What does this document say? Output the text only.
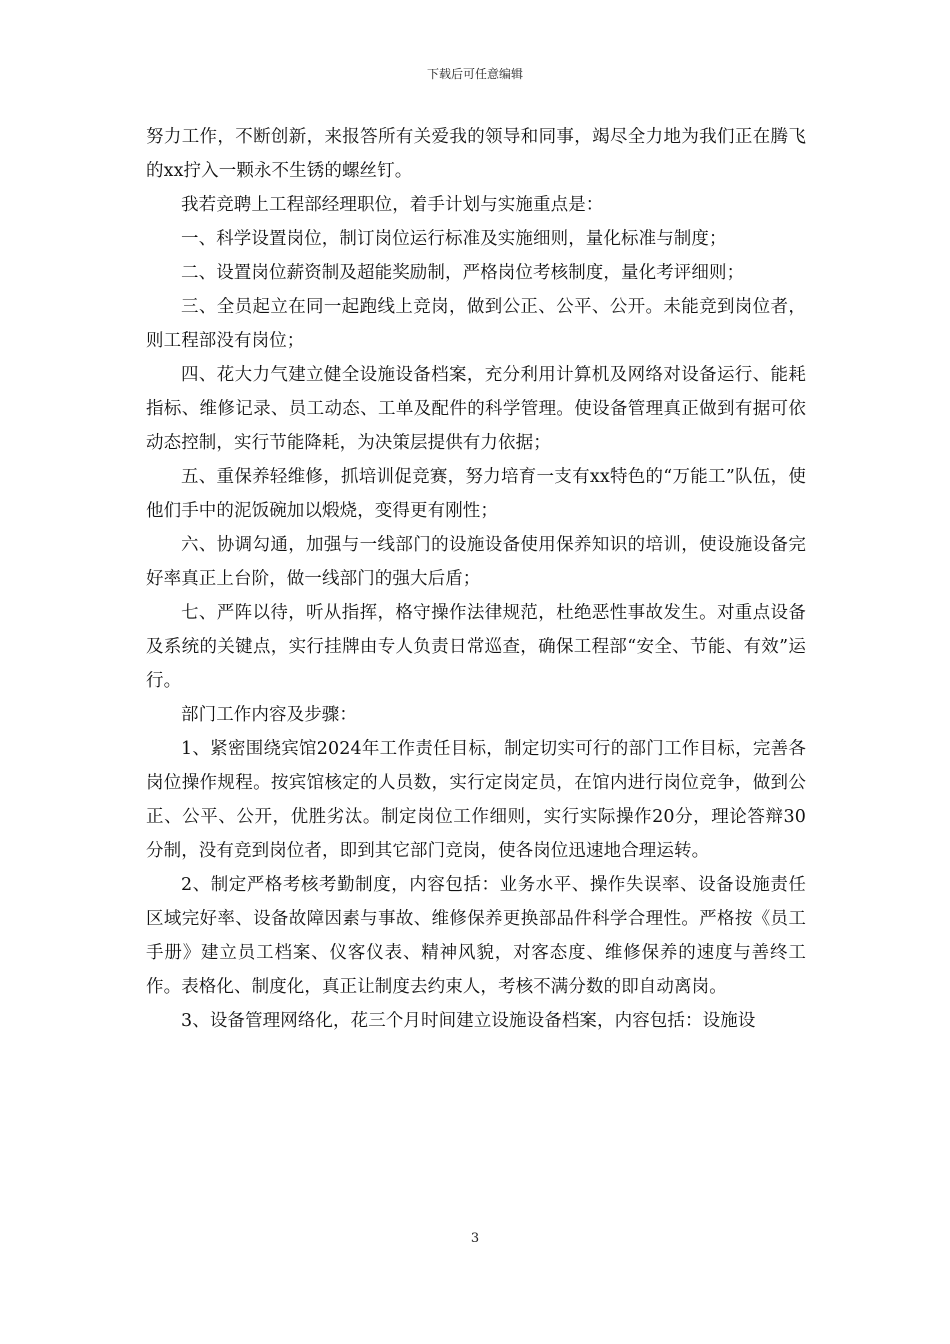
下载后可任意编辑

努力工作，不断创新，来报答所有关爱我的领导和同事，竭尽全力地为我们正在腾飞的xx拧入一颗永不生锈的螺丝钉。

我若竞聘上工程部经理职位，着手计划与实施重点是：

一、科学设置岗位，制订岗位运行标准及实施细则，量化标准与制度；

二、设置岗位薪资制及超能奖励制，严格岗位考核制度，量化考评细则；

三、全员起立在同一起跑线上竞岗，做到公正、公平、公开。未能竞到岗位者，则工程部没有岗位；

四、花大力气建立健全设施设备档案，充分利用计算机及网络对设备运行、能耗指标、维修记录、员工动态、工单及配件的科学管理。使设备管理真正做到有据可依动态控制，实行节能降耗，为决策层提供有力依据；

五、重保养轻维修，抓培训促竞赛，努力培育一支有xx特色的“万能工”队伍，使他们手中的泥饭碗加以煅烧，变得更有刚性；

六、协调勾通，加强与一线部门的设施设备使用保养知识的培训，使设施设备完好率真正上台阶，做一线部门的强大后盾；

七、严阵以待，听从指挥，格守操作法律规范，杜绝恶性事故发生。对重点设备及系统的关键点，实行挂牌由专人负责日常巡查，确保工程部“安全、节能、有效”运行。

部门工作内容及步骤：

1、紧密围绕宾馆2024年工作责任目标，制定切实可行的部门工作目标，完善各岗位操作规程。按宾馆核定的人员数，实行定岗定员，在馆内进行岗位竞争，做到公正、公平、公开，优胜劣汰。制定岗位工作细则，实行实际操作20分，理论答辩30分制，没有竞到岗位者，即到其它部门竞岗，使各岗位迅速地合理运转。

2、制定严格考核考勤制度，内容包括：业务水平、操作失误率、设备设施责任区域完好率、设备故障因素与事故、维修保养更换部品件科学合理性。严格按《员工手册》建立员工档案、仪客仪表、精神风貌，对客态度、维修保养的速度与善终工作。表格化、制度化，真正让制度去约束人，考核不满分数的即自动离岗。

3、设备管理网络化，花三个月时间建立设施设备档案，内容包括：设施设

3
